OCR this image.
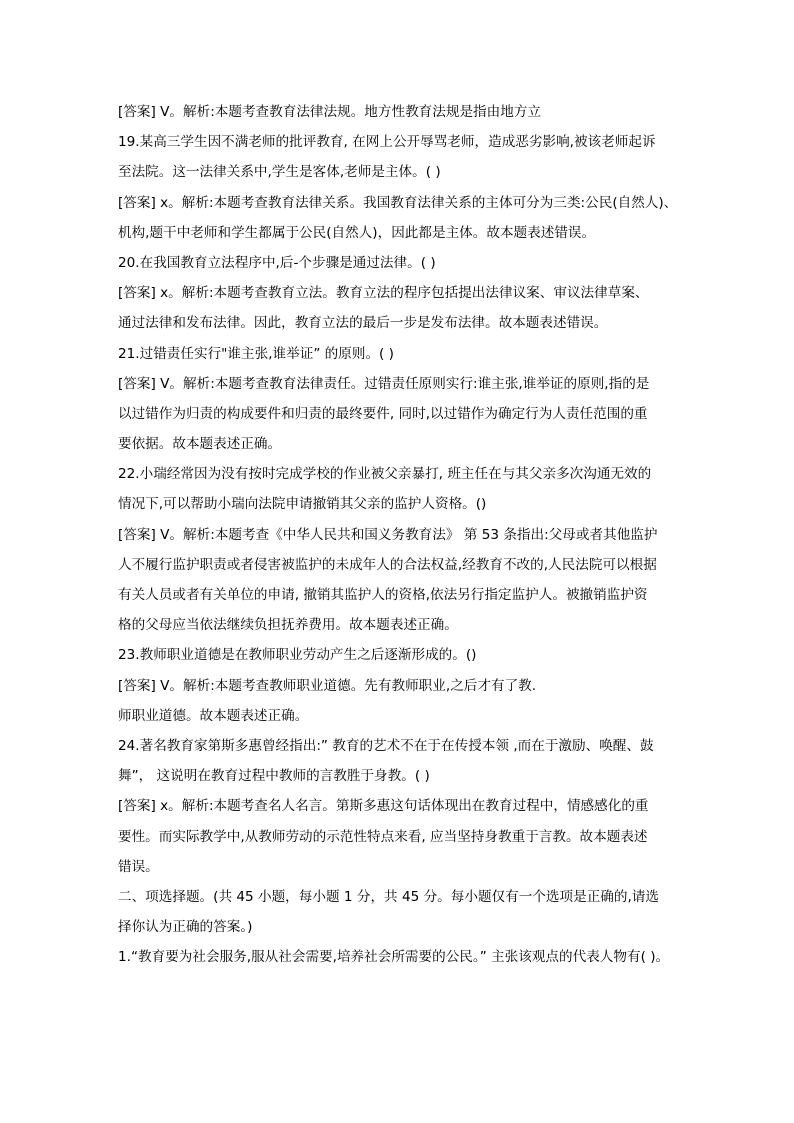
[答案] V。解析:本题考查教育法律法规。地方性教育法规是指由地方立
19.某高三学生因不满老师的批评教育, 在网上公开辱骂老师，造成恶劣影响,被该老师起诉
至法院。这一法律关系中,学生是客体,老师是主体。( )
[答案] x。解析:本题考查教育法律关系。我国教育法律关系的主体可分为三类:公民(自然人)、
机构,题干中老师和学生都属于公民(自然人)，因此都是主体。故本题表述错误。
20.在我国教育立法程序中,后-个步骤是通过法律。( )
[答案] x。解析:本题考查教育立法。教育立法的程序包括提出法律议案、审议法律草案、
通过法律和发布法律。因此，教育立法的最后一步是发布法律。故本题表述错误。
21.过错责任实行"谁主张,谁举证” 的原则。( )
[答案] V。解析:本题考查教育法律责任。过错责任原则实行:谁主张,谁举证的原则,指的是
以过错作为归责的构成要件和归责的最终要件, 同时,以过错作为确定行为人责任范围的重
要依据。故本题表述正确。
22.小瑞经常因为没有按时完成学校的作业被父亲暴打, 班主任在与其父亲多次沟通无效的
情况下,可以帮助小瑞向法院申请撤销其父亲的监护人资格。()
[答案] V。解析:本题考查《中华人民共和国义务教育法》 第 53 条指出:父母或者其他监护
人不履行监护职责或者侵害被监护的未成年人的合法权益,经教育不改的,人民法院可以根据
有关人员或者有关单位的申请, 撤销其监护人的资格,依法另行指定监护人。被撤销监护资
格的父母应当依法继续负担抚养费用。故本题表述正确。
23.教师职业道德是在教师职业劳动产生之后逐渐形成的。()
[答案] V。解析:本题考查教师职业道德。先有教师职业,之后才有了教.
师职业道德。故本题表述正确。
24.著名教育家第斯多惠曾经指出:” 教育的艺术不在于在传授本领 ,而在于激励、唤醒、鼓
舞”， 这说明在教育过程中教师的言教胜于身教。( )
[答案] x。解析:本题考查名人名言。第斯多惠这句话体现出在教育过程中，情感感化的重
要性。而实际教学中,从教师劳动的示范性特点来看, 应当坚持身教重于言教。故本题表述
错误。
二、项选择题。(共 45 小题，每小题 1 分，共 45 分。每小题仅有一个选项是正确的,请选
择你认为正确的答案。)
1.“教育要为社会服务,服从社会需要,培养社会所需要的公民。” 主张该观点的代表人物有( )。
